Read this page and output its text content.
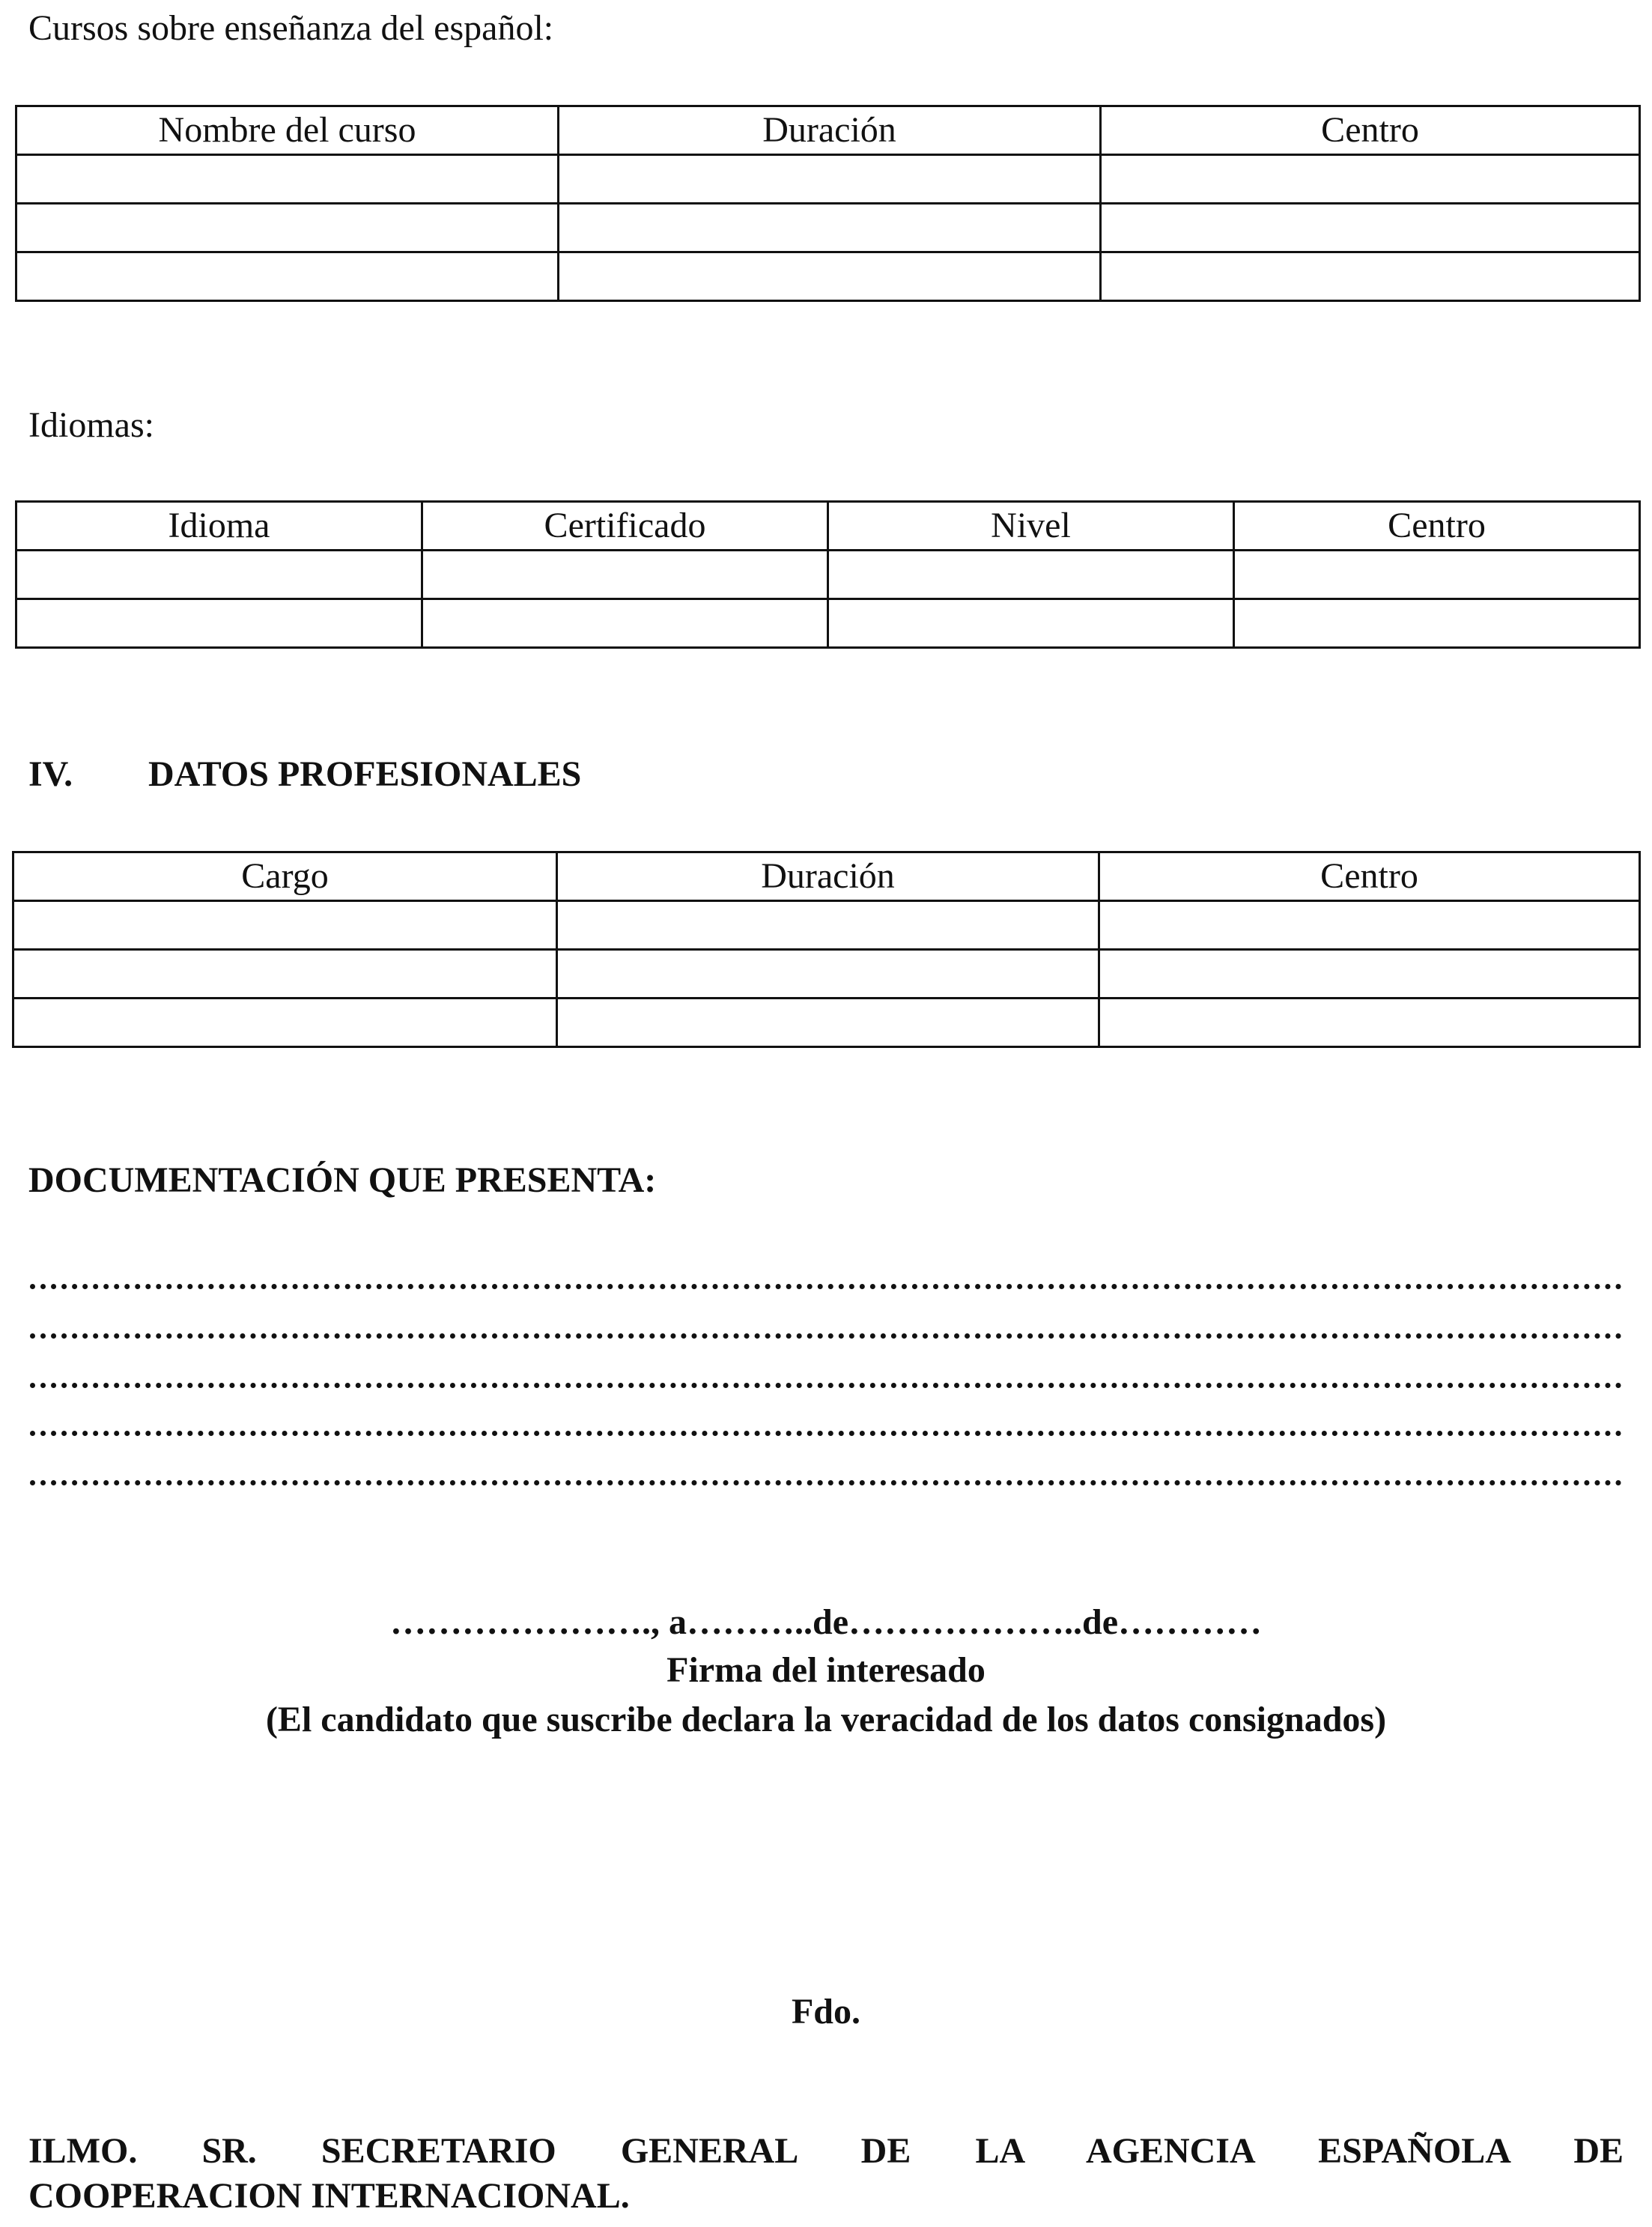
Cursos sobre enseñanza del español:
Nombre del curso	Duración	Centro

Idiomas:
Idioma	Certificado	Nivel	Centro

IV. DATOS PROFESIONALES
Cargo	Duración	Centro

DOCUMENTACIÓN QUE PRESENTA:
…………………., a………..de………………..de…………
Firma del interesado
(El candidato que suscribe declara la veracidad de los datos consignados)
Fdo.
ILMO. SR. SECRETARIO GENERAL DE LA AGENCIA ESPAÑOLA DE
COOPERACION INTERNACIONAL.
